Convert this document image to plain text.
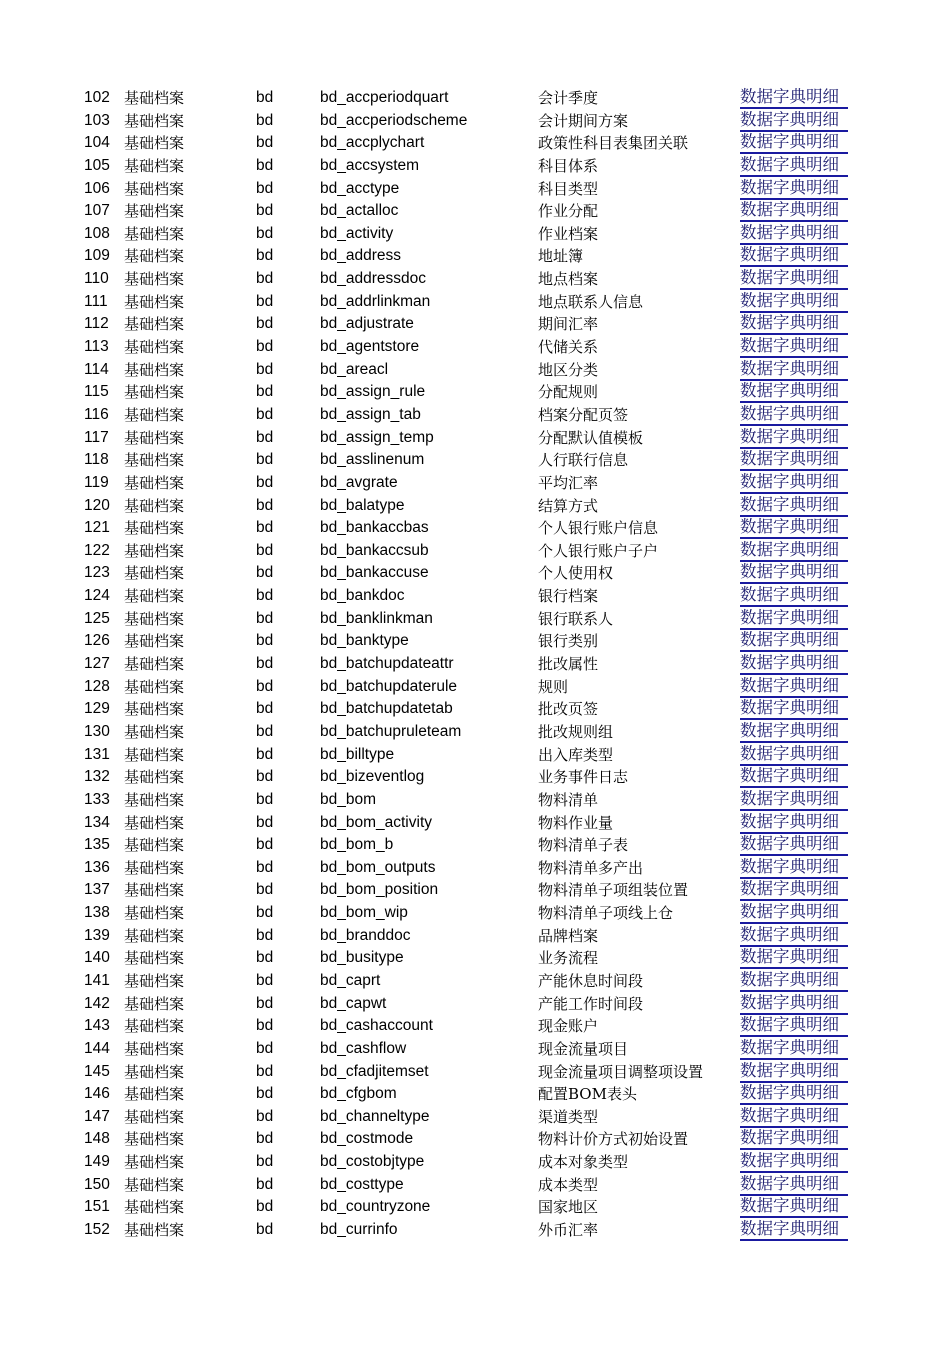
102 基础档案	bd	bd_accperiodquart	会计季度	数据字典明细
103 基础档案	bd	bd_accperiodscheme	会计期间方案	数据字典明细
104 基础档案	bd	bd_accplychart	政策性科目表集团关联	数据字典明细
105 基础档案	bd	bd_accsystem	科目体系	数据字典明细
106 基础档案	bd	bd_acctype	科目类型	数据字典明细
107 基础档案	bd	bd_actalloc	作业分配	数据字典明细
108 基础档案	bd	bd_activity	作业档案	数据字典明细
109 基础档案	bd	bd_address	地址簿	数据字典明细
110 基础档案	bd	bd_addressdoc	地点档案	数据字典明细
111 基础档案	bd	bd_addrlinkman	地点联系人信息	数据字典明细
112 基础档案	bd	bd_adjustrate	期间汇率	数据字典明细
113 基础档案	bd	bd_agentstore	代储关系	数据字典明细
114 基础档案	bd	bd_areacl	地区分类	数据字典明细
115 基础档案	bd	bd_assign_rule	分配规则	数据字典明细
116 基础档案	bd	bd_assign_tab	档案分配页签	数据字典明细
117 基础档案	bd	bd_assign_temp	分配默认值模板	数据字典明细
118 基础档案	bd	bd_asslinenum	人行联行信息	数据字典明细
119 基础档案	bd	bd_avgrate	平均汇率	数据字典明细
120 基础档案	bd	bd_balatype	结算方式	数据字典明细
121 基础档案	bd	bd_bankaccbas	个人银行账户信息	数据字典明细
122 基础档案	bd	bd_bankaccsub	个人银行账户子户	数据字典明细
123 基础档案	bd	bd_bankaccuse	个人使用权	数据字典明细
124 基础档案	bd	bd_bankdoc	银行档案	数据字典明细
125 基础档案	bd	bd_banklinkman	银行联系人	数据字典明细
126 基础档案	bd	bd_banktype	银行类别	数据字典明细
127 基础档案	bd	bd_batchupdateattr	批改属性	数据字典明细
128 基础档案	bd	bd_batchupdaterule	规则	数据字典明细
129 基础档案	bd	bd_batchupdatetab	批改页签	数据字典明细
130 基础档案	bd	bd_batchupruleteam	批改规则组	数据字典明细
131 基础档案	bd	bd_billtype	出入库类型	数据字典明细
132 基础档案	bd	bd_bizeventlog	业务事件日志	数据字典明细
133 基础档案	bd	bd_bom	物料清单	数据字典明细
134 基础档案	bd	bd_bom_activity	物料作业量	数据字典明细
135 基础档案	bd	bd_bom_b	物料清单子表	数据字典明细
136 基础档案	bd	bd_bom_outputs	物料清单多产出	数据字典明细
137 基础档案	bd	bd_bom_position	物料清单子项组装位置	数据字典明细
138 基础档案	bd	bd_bom_wip	物料清单子项线上仓	数据字典明细
139 基础档案	bd	bd_branddoc	品牌档案	数据字典明细
140 基础档案	bd	bd_busitype	业务流程	数据字典明细
141 基础档案	bd	bd_caprt	产能休息时间段	数据字典明细
142 基础档案	bd	bd_capwt	产能工作时间段	数据字典明细
143 基础档案	bd	bd_cashaccount	现金账户	数据字典明细
144 基础档案	bd	bd_cashflow	现金流量项目	数据字典明细
145 基础档案	bd	bd_cfadjitemset	现金流量项目调整项设置 数据字典明细
146 基础档案	bd	bd_cfgbom	配置BOM表头	数据字典明细
147 基础档案	bd	bd_channeltype	渠道类型	数据字典明细
148 基础档案	bd	bd_costmode	物料计价方式初始设置	数据字典明细
149 基础档案	bd	bd_costobjtype	成本对象类型	数据字典明细
150 基础档案	bd	bd_costtype	成本类型	数据字典明细
151 基础档案	bd	bd_countryzone	国家地区	数据字典明细
152 基础档案	bd	bd_currinfo	外币汇率	数据字典明细
